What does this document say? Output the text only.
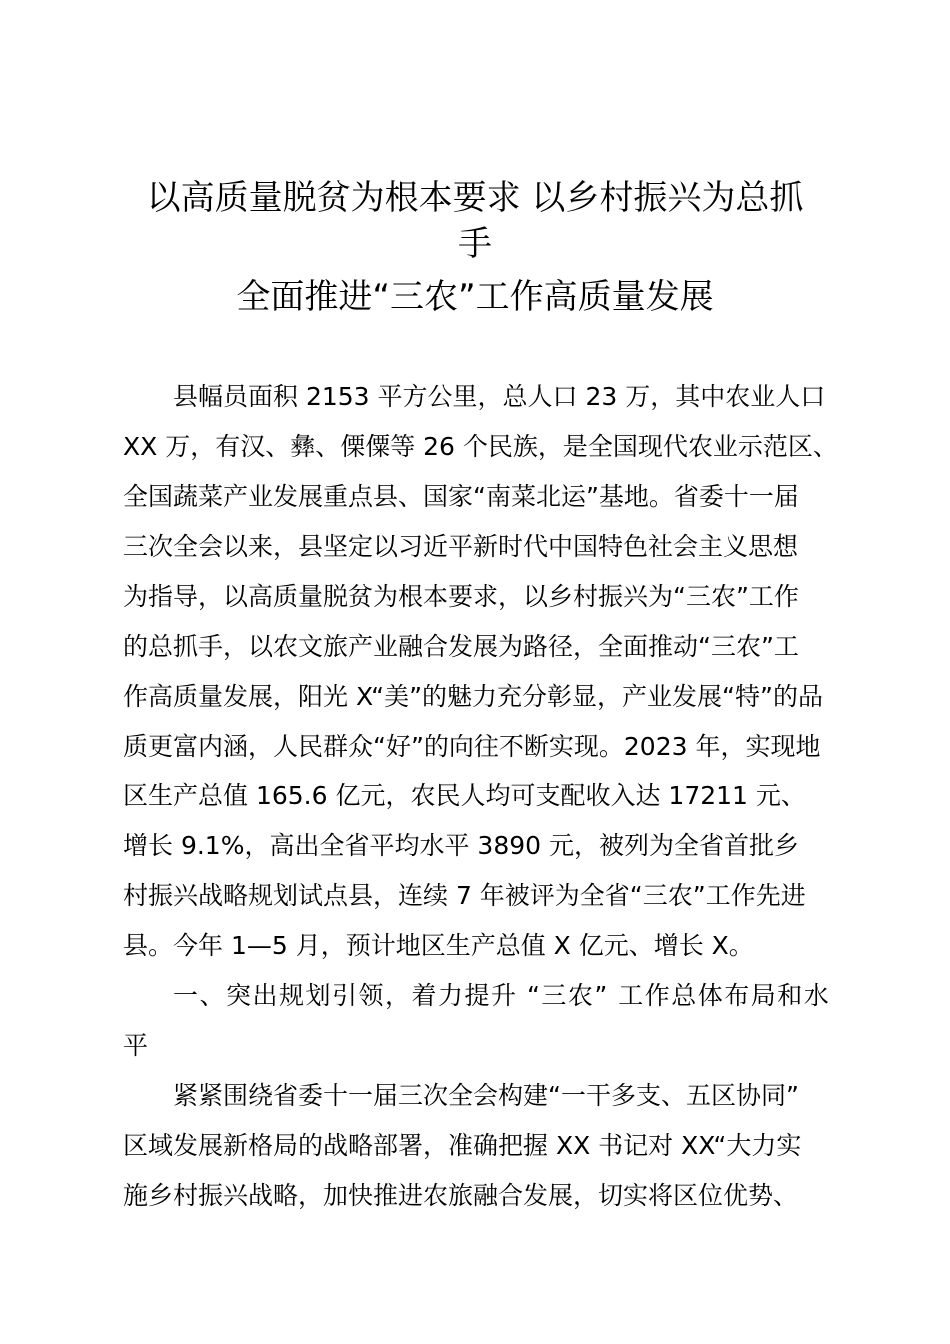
以高质量脱贫为根本要求 以乡村振兴为总抓
手
全面推进“三农”工作高质量发展
县幅员面积 2153 平方公里，总人口 23 万，其中农业人口
XX 万，有汉、彝、傈僳等 26 个民族，是全国现代农业示范区、
全国蔬菜产业发展重点县、国家“南菜北运”基地。省委十一届
三次全会以来，县坚定以习近平新时代中国特色社会主义思想
为指导，以高质量脱贫为根本要求，以乡村振兴为“三农”工作
的总抓手，以农文旅产业融合发展为路径，全面推动“三农”工
作高质量发展，阳光 X“美”的魅力充分彰显，产业发展“特”的品
质更富内涵，人民群众“好”的向往不断实现。2023 年，实现地
区生产总值 165.6 亿元，农民人均可支配收入达 17211 元、
增长 9.1%，高出全省平均水平 3890 元，被列为全省首批乡
村振兴战略规划试点县，连续 7 年被评为全省“三农”工作先进
县。今年 1—5 月，预计地区生产总值 X 亿元、增长 X。
一、突出规划引领，着力提升 “三农” 工作总体布局和水
平
紧紧围绕省委十一届三次全会构建“一干多支、五区协同”
区域发展新格局的战略部署，准确把握 XX 书记对 XX“大力实
施乡村振兴战略，加快推进农旅融合发展，切实将区位优势、
